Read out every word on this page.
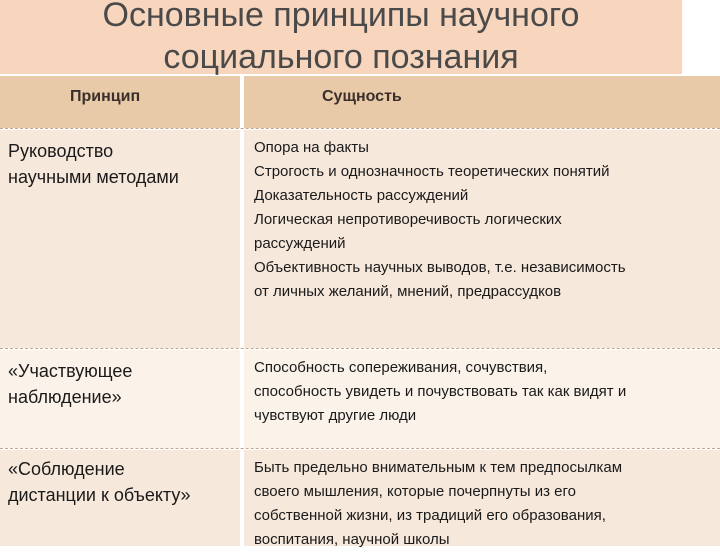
Основные принципы научного
социального познания
Принцип	Сущность
Руководство
научными методами
Опора на факты
Строгость и однозначность теоретических понятий
Доказательность рассуждений
Логическая непротиворечивость логических
рассуждений
Объективность научных выводов, т.е. независимость
от личных желаний, мнений, предрассудков
«Участвующее
наблюдение»
Способность сопереживания, сочувствия,
способность увидеть и почувствовать так как видят и
чувствуют другие люди
«Соблюдение
дистанции к объекту»
Быть предельно внимательным к тем предпосылкам
своего мышления, которые почерпнуты из его
собственной жизни, из традиций его образования,
воспитания, научной школы
